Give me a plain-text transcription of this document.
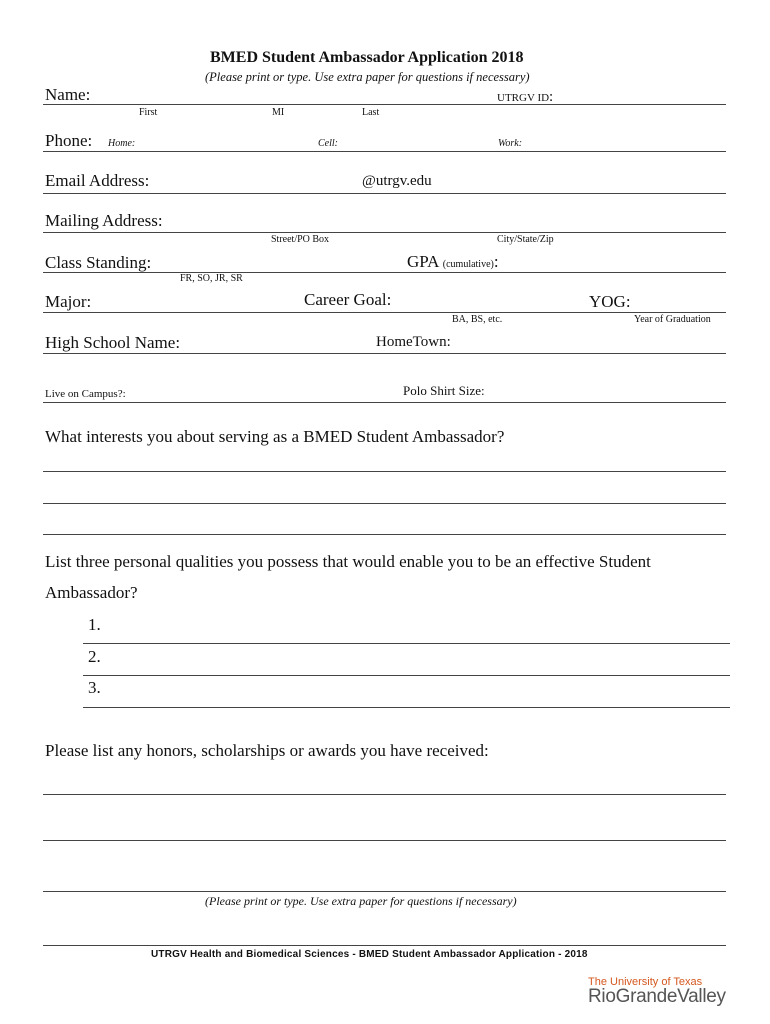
BMED Student Ambassador Application 2018
(Please print or type. Use extra paper for questions if necessary)
Name:	UTRGV ID:
First	MI	Last
Phone: Home:	Cell:	Work:
Email Address:	@utrgv.edu
Mailing Address:
Street/PO Box	City/State/Zip
Class Standing:	GPA (cumulative):
FR, SO, JR, SR
Major:	Career Goal:	YOG:
BA, BS, etc.	Year of Graduation
High School Name:	HomeTown:
Live on Campus?:	Polo Shirt Size:
What interests you about serving as a BMED Student Ambassador?
List three personal qualities you possess that would enable you to be an effective Student
Ambassador?
1.
2.
3.
Please list any honors, scholarships or awards you have received:
(Please print or type. Use extra paper for questions if necessary)
UTRGV Health and Biomedical Sciences - BMED Student Ambassador Application - 2018
The University of Texas
RioGrandeValley
